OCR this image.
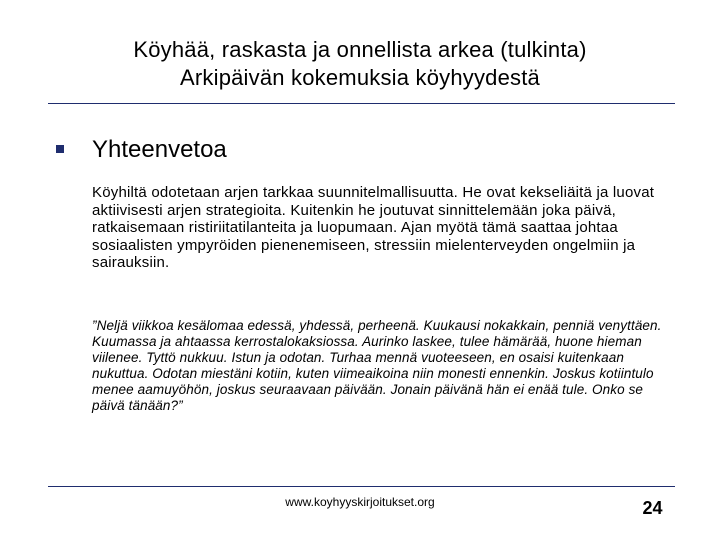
Köyhää, raskasta ja onnellista arkea (tulkinta)
Arkipäivän kokemuksia köyhyydestä
Yhteenvetoa
Köyhiltä odotetaan arjen tarkkaa suunnitelmallisuutta. He ovat kekseliäitä ja luovat aktiivisesti arjen strategioita. Kuitenkin he joutuvat sinnittelemään joka päivä, ratkaisemaan ristiriitatilanteita ja luopumaan. Ajan myötä tämä saattaa johtaa sosiaalisten ympyröiden pienenemiseen, stressiin mielenterveyden ongelmiin ja sairauksiin.
”Neljä viikkoa kesälomaa edessä, yhdessä, perheenä. Kuukausi nokakkain, penniä venyttäen. Kuumassa ja ahtaassa kerrostalokaksiossa. Aurinko laskee, tulee hämärää, huone hieman viilenee. Tyttö nukkuu. Istun ja odotan. Turhaa mennä vuoteeseen, en osaisi kuitenkaan nukuttua. Odotan miestäni kotiin, kuten viimeaikoina niin monesti ennenkin. Joskus kotiintulo menee aamuyöhön, joskus seuraavaan päivään. Jonain päivänä hän ei enää tule. Onko se päivä tänään?”
www.koyhyyskirjoitukset.org	24
